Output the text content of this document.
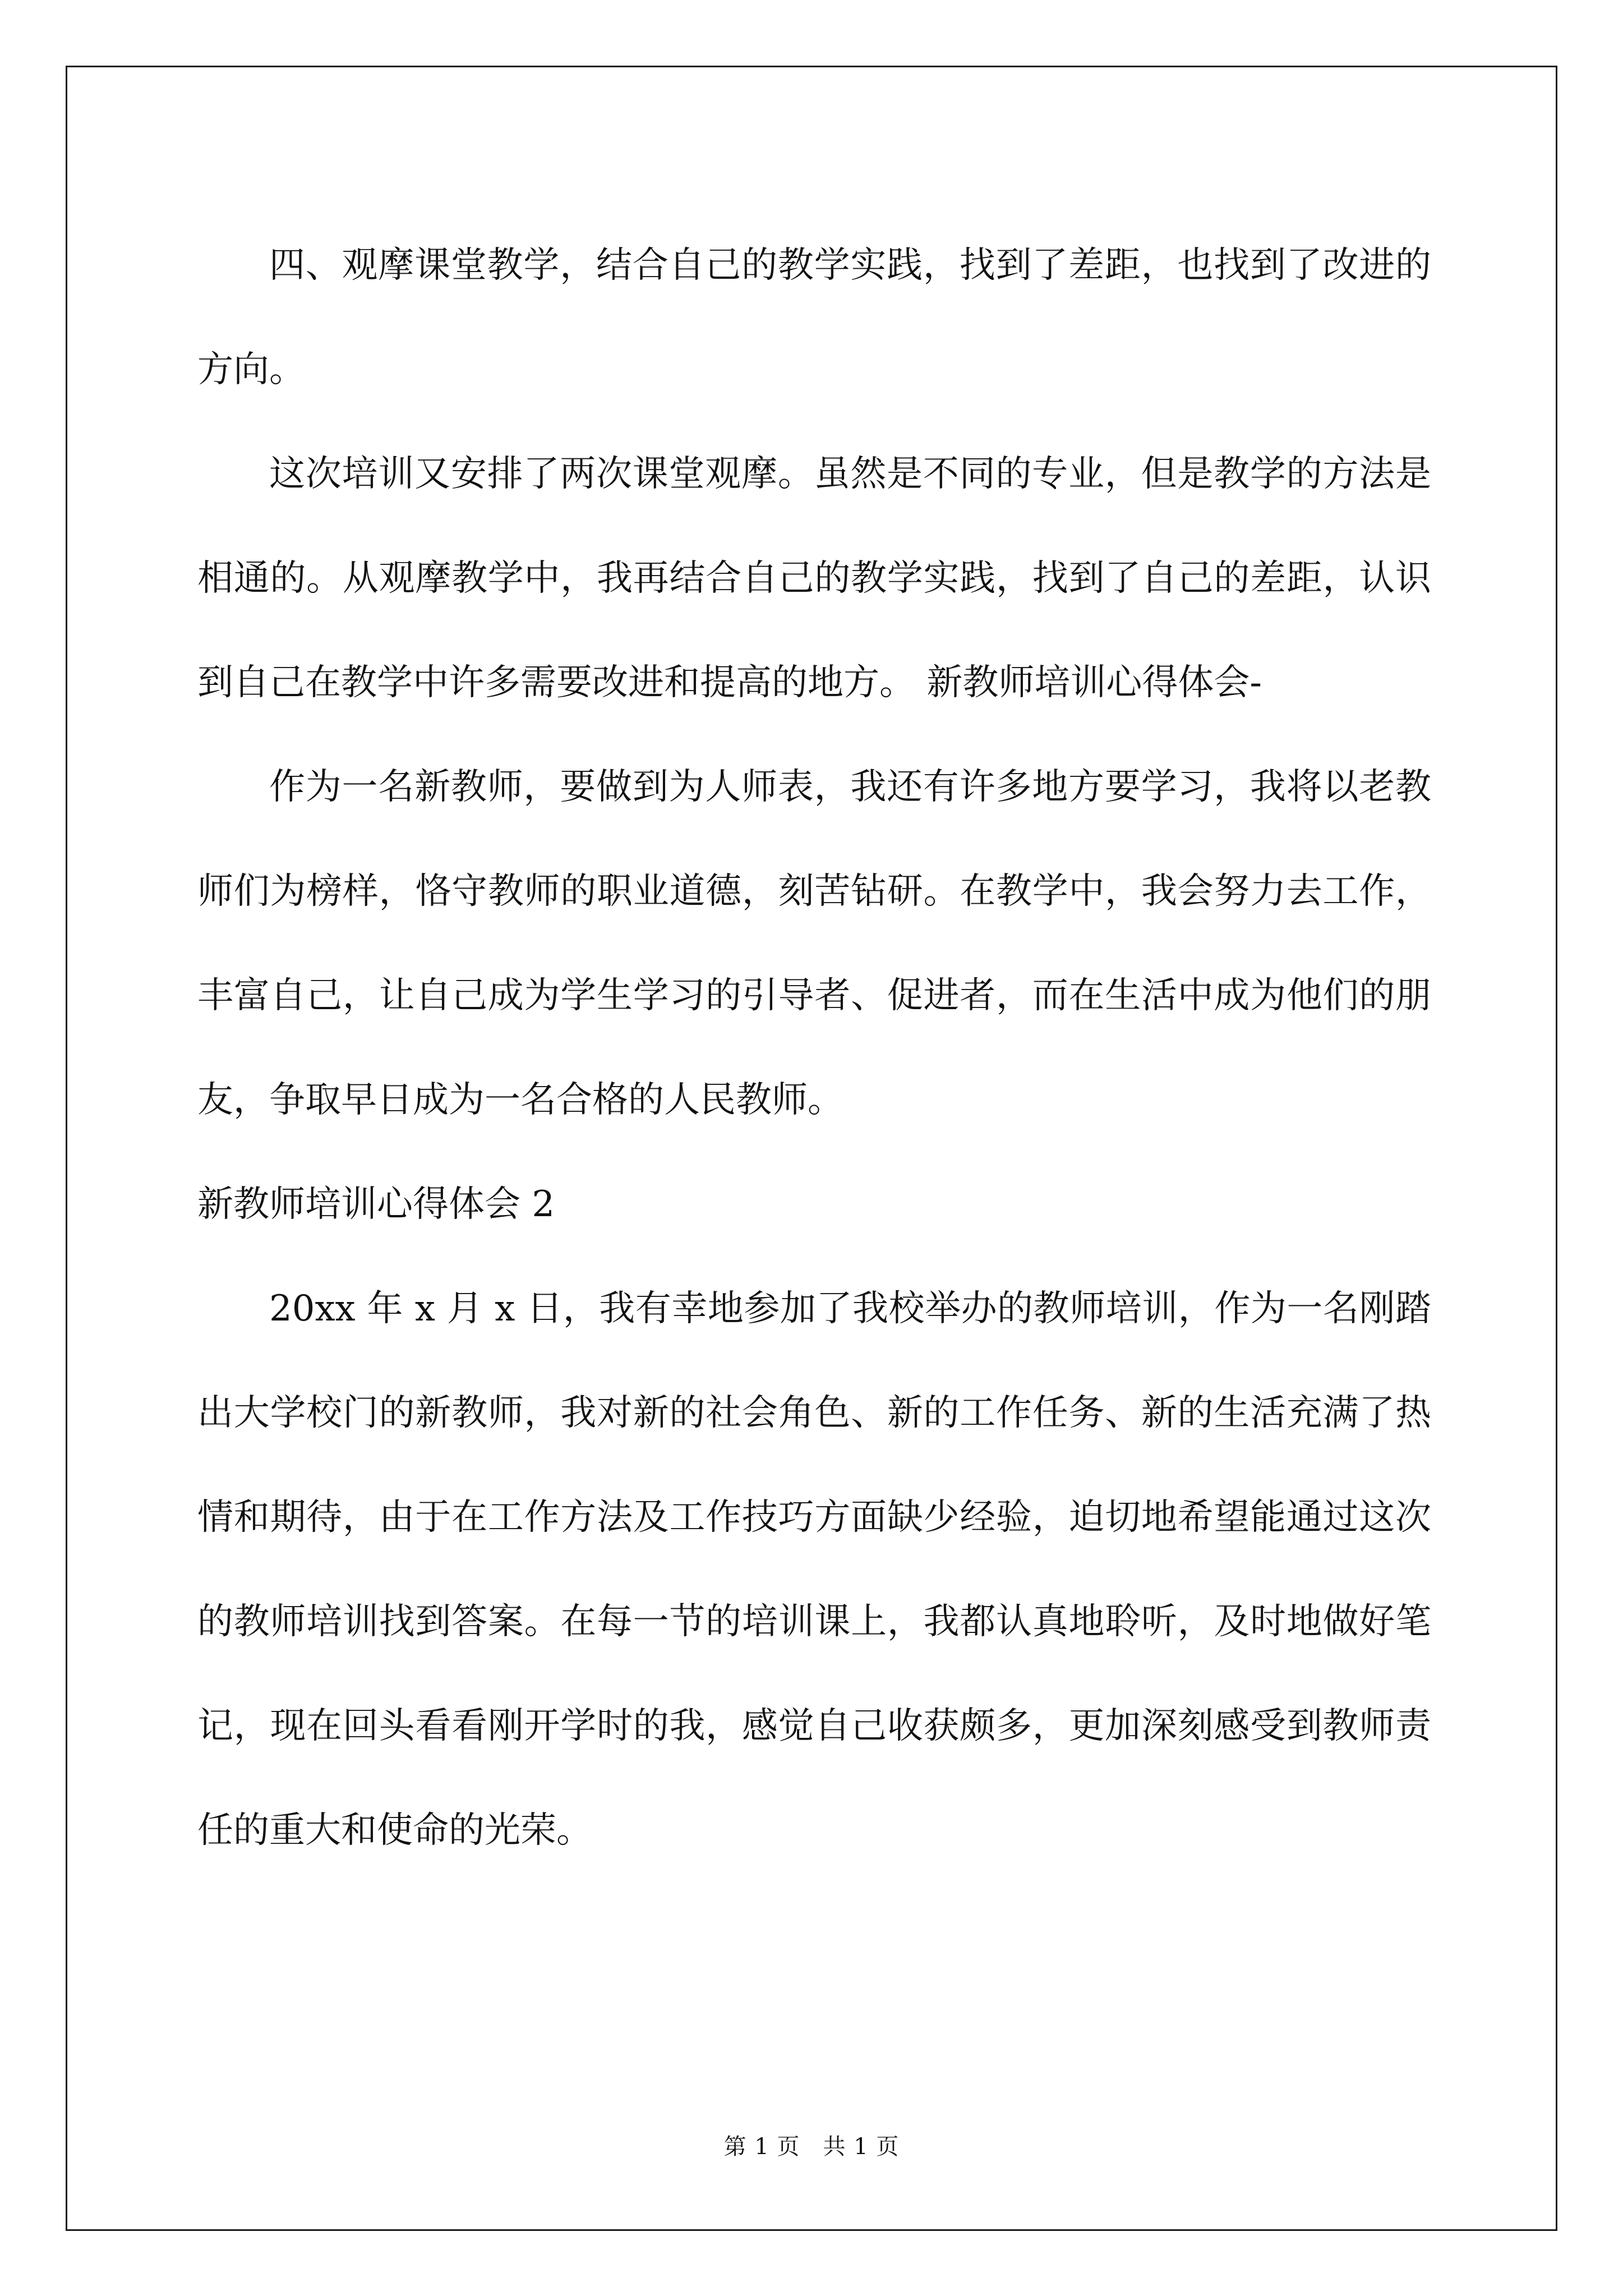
四、观摩课堂教学，结合自己的教学实践，找到了差距，也找到了改进的方向。

这次培训又安排了两次课堂观摩。虽然是不同的专业，但是教学的方法是相通的。从观摩教学中，我再结合自己的教学实践，找到了自己的差距，认识到自己在教学中许多需要改进和提高的地方。 新教师培训心得体会-

作为一名新教师，要做到为人师表，我还有许多地方要学习，我将以老教师们为榜样，恪守教师的职业道德，刻苦钻研。在教学中，我会努力去工作，丰富自己，让自己成为学生学习的引导者、促进者，而在生活中成为他们的朋友，争取早日成为一名合格的人民教师。

新教师培训心得体会 2

20xx 年 x 月 x 日，我有幸地参加了我校举办的教师培训，作为一名刚踏出大学校门的新教师，我对新的社会角色、新的工作任务、新的生活充满了热情和期待，由于在工作方法及工作技巧方面缺少经验，迫切地希望能通过这次的教师培训找到答案。在每一节的培训课上，我都认真地聆听，及时地做好笔记，现在回头看看刚开学时的我，感觉自己收获颇多，更加深刻感受到教师责任的重大和使命的光荣。

第 1 页　共 1 页
